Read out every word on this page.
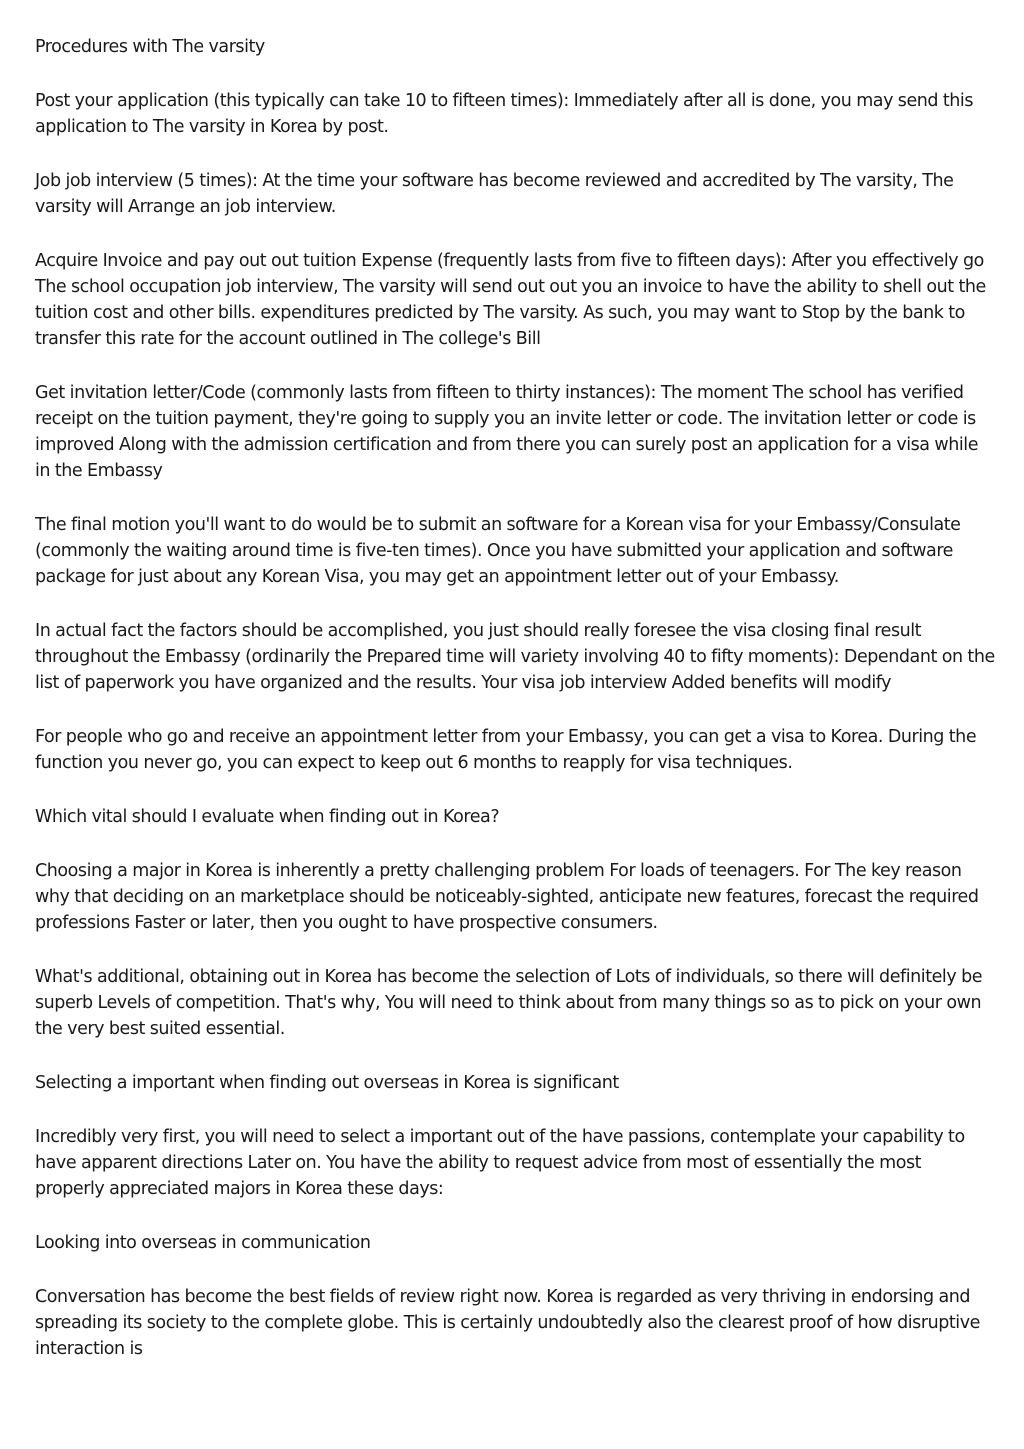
Procedures with The varsity

Post your application (this typically can take 10 to fifteen times): Immediately after all is done, you may send this application to The varsity in Korea by post.

Job job interview (5 times): At the time your software has become reviewed and accredited by The varsity, The varsity will Arrange an job interview.

Acquire Invoice and pay out out tuition Expense (frequently lasts from five to fifteen days): After you effectively go The school occupation job interview, The varsity will send out out you an invoice to have the ability to shell out the tuition cost and other bills. expenditures predicted by The varsity. As such, you may want to Stop by the bank to transfer this rate for the account outlined in The college's Bill

Get invitation letter/Code (commonly lasts from fifteen to thirty instances): The moment The school has verified receipt on the tuition payment, they're going to supply you an invite letter or code. The invitation letter or code is improved Along with the admission certification and from there you can surely post an application for a visa while in the Embassy

The final motion you'll want to do would be to submit an software for a Korean visa for your Embassy/Consulate (commonly the waiting around time is five-ten times). Once you have submitted your application and software package for just about any Korean Visa, you may get an appointment letter out of your Embassy.

In actual fact the factors should be accomplished, you just should really foresee the visa closing final result throughout the Embassy (ordinarily the Prepared time will variety involving 40 to fifty moments): Dependant on the list of paperwork you have organized and the results. Your visa job interview Added benefits will modify

For people who go and receive an appointment letter from your Embassy, you can get a visa to Korea. During the function you never go, you can expect to keep out 6 months to reapply for visa techniques.

Which vital should I evaluate when finding out in Korea?

Choosing a major in Korea is inherently a pretty challenging problem For loads of teenagers. For The key reason why that deciding on an marketplace should be noticeably-sighted, anticipate new features, forecast the required professions Faster or later, then you ought to have prospective consumers.

What's additional, obtaining out in Korea has become the selection of Lots of individuals, so there will definitely be superb Levels of competition. That's why, You will need to think about from many things so as to pick on your own the very best suited essential.

Selecting a important when finding out overseas in Korea is significant

Incredibly very first, you will need to select a important out of the have passions, contemplate your capability to have apparent directions Later on. You have the ability to request advice from most of essentially the most properly appreciated majors in Korea these days:

Looking into overseas in communication

Conversation has become the best fields of review right now. Korea is regarded as very thriving in endorsing and spreading its society to the complete globe. This is certainly undoubtedly also the clearest proof of how disruptive interaction is
